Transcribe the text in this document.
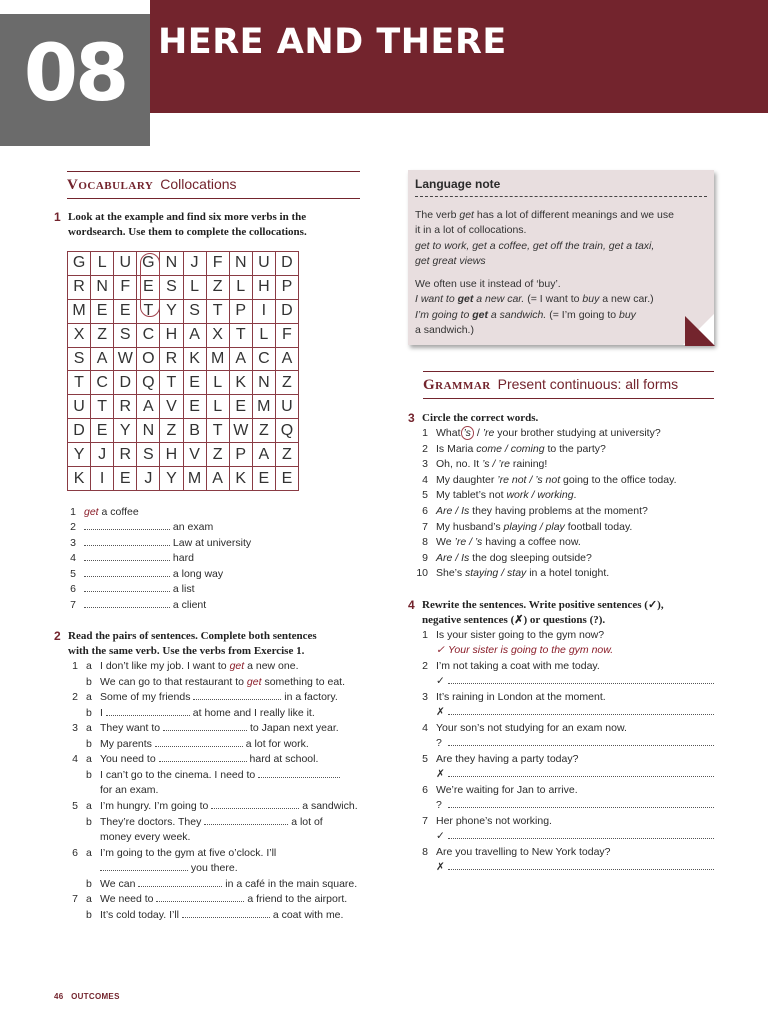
08 HERE AND THERE
Vocabulary Collocations
1 Look at the example and find six more verbs in the
wordsearch. Use them to complete the collocations.
G L U G N J F N U D
R N F E S L Z L H P
M E E T Y S T P I D
X Z S C H A X T L F
S A W O R K M A C A
T C D Q T E L K N Z
U T R A V E L E M U
D E Y N Z B T W Z Q
Y J R S H V Z P A Z
K I E J Y M A K E E
1 get a coffee
2	an exam
3	Law at university
4	hard
5	a long way
6	a list
7	a client
2 Read the pairs of sentences. Complete both sentences
with the same verb. Use the verbs from Exercise 1.
1 a I don’t like my job. I want to get a new one.
b We can go to that restaurant to get something to eat.
2 a Some of my friends	in a factory.
b I	at home and I really like it.
3 a They want to	to Japan next year.
b My parents	a lot for work.
4 a You need to	hard at school.
b I can’t go to the cinema. I need to
for an exam.
5 a I’m hungry. I’m going to	a sandwich.
b They’re doctors. They	a lot of
money every week.
6 a I’m going to the gym at five o’clock. I’ll
you there.
b We can	in a café in the main square.
7 a We need to	a friend to the airport.
b It’s cold today. I’ll	a coat with me.
Language note
The verb get has a lot of different meanings and we use
it in a lot of collocations.
get to work, get a coffee, get off the train, get a taxi,
get great views
We often use it instead of ‘buy’.
I want to get a new car. (= I want to buy a new car.)
I’m going to get a sandwich. (= I’m going to buy
a sandwich.)
Grammar Present continuous: all forms
3 Circle the correct words.
1 What ’s / ’re your brother studying at university?
2 Is Maria come / coming to the party?
3 Oh, no. It ’s / ’re raining!
4 My daughter ’re not / ’s not going to the office today.
5 My tablet’s not work / working.
6 Are / Is they having problems at the moment?
7 My husband’s playing / play football today.
8 We ’re / ’s having a coffee now.
9 Are / Is the dog sleeping outside?
10 She’s staying / stay in a hotel tonight.
4 Rewrite the sentences. Write positive sentences (✓),
negative sentences (✗) or questions (?).
1 Is your sister going to the gym now?
✓ Your sister is going to the gym now.
2 I’m not taking a coat with me today.
✓
3 It’s raining in London at the moment.
✗
4 Your son’s not studying for an exam now.
?
5 Are they having a party today?
✗
6 We’re waiting for Jan to arrive.
?
7 Her phone’s not working.
✓
8 Are you travelling to New York today?
✗
46 OUTCOMES
